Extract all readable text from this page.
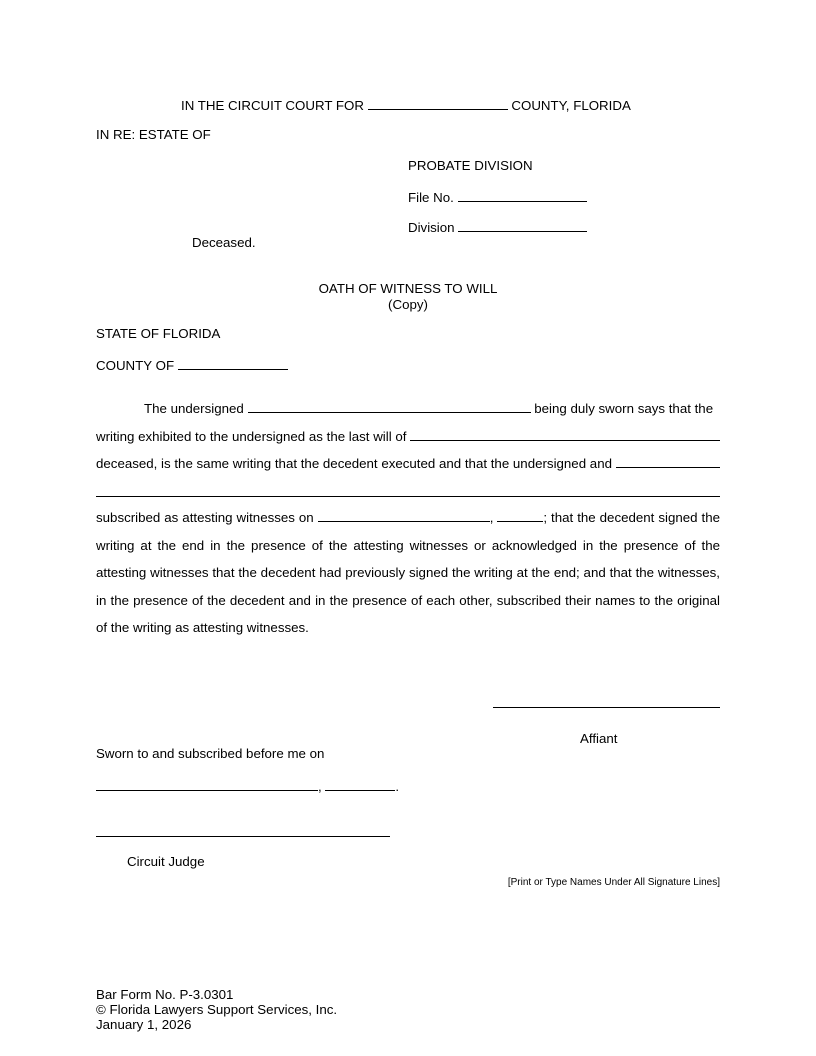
IN THE CIRCUIT COURT FOR	COUNTY, FLORIDA
IN RE: ESTATE OF
PROBATE DIVISION
File No.
Division
Deceased.
OATH OF WITNESS TO WILL
(Copy)
STATE OF FLORIDA
COUNTY OF
The undersigned	being duly sworn says that the
writing exhibited to the undersigned as the last will of
deceased, is the same writing that the decedent executed and that the undersigned and
subscribed as attesting witnesses on	,	; that the decedent signed the writing at the end in the presence of the attesting witnesses or acknowledged in the presence of the attesting witnesses that the decedent had previously signed the writing at the end; and that the witnesses, in the presence of the decedent and in the presence of each other, subscribed their names to the original of the writing as attesting witnesses.
Affiant
Sworn to and subscribed before me on
,	.
Circuit Judge
[Print or Type Names Under All Signature Lines]
Bar Form No. P-3.0301
© Florida Lawyers Support Services, Inc.
January 1, 2026
